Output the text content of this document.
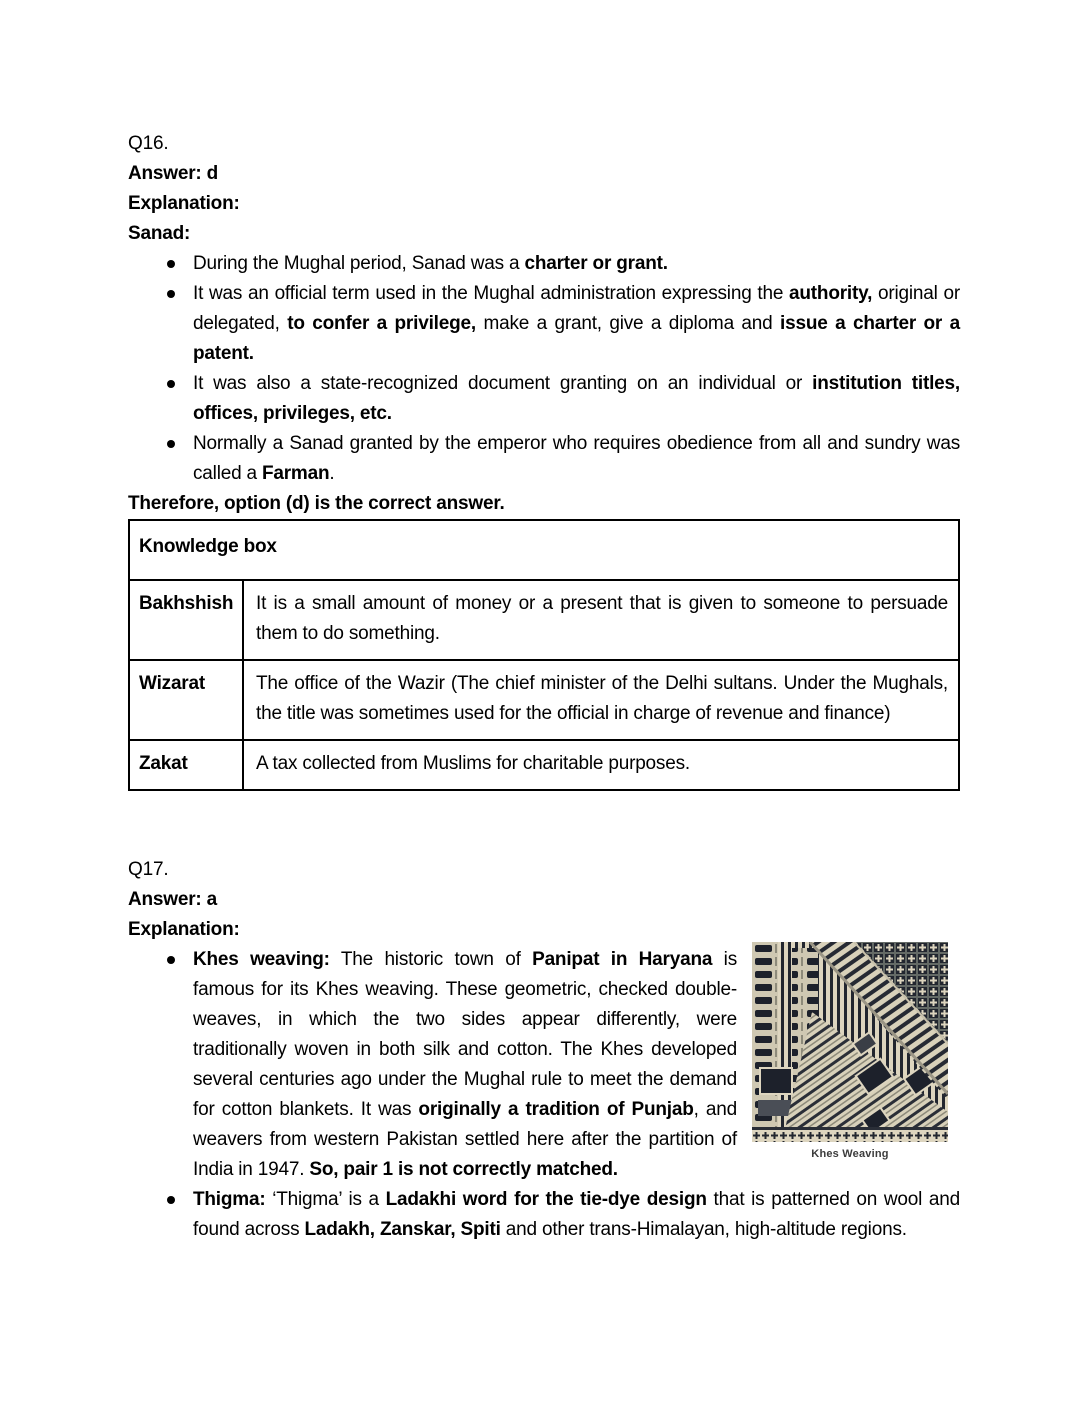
Q16.
Answer: d
Explanation:
Sanad:
During the Mughal period, Sanad was a charter or grant.
It was an official term used in the Mughal administration expressing the authority, original or delegated, to confer a privilege, make a grant, give a diploma and issue a charter or a patent.
It was also a state-recognized document granting on an individual or institution titles, offices, privileges, etc.
Normally a Sanad granted by the emperor who requires obedience from all and sundry was called a Farman.
Therefore, option (d) is the correct answer.
Knowledge box	
Bakhshish	It is a small amount of money or a present that is given to someone to persuade them to do something.
Wizarat	The office of the Wazir (The chief minister of the Delhi sultans. Under the Mughals, the title was sometimes used for the official in charge of revenue and finance)
Zakat	A tax collected from Muslims for charitable purposes.
Q17.
Answer: a
Explanation:
Khes Weaving
Khes weaving: The historic town of Panipat in Haryana is famous for its Khes weaving. These geometric, checked double-weaves, in which the two sides appear differently, were traditionally woven in both silk and cotton. The Khes developed several centuries ago under the Mughal rule to meet the demand for cotton blankets. It was originally a tradition of Punjab, and weavers from western Pakistan settled here after the partition of India in 1947. So, pair 1 is not correctly matched.
Thigma: ‘Thigma’ is a Ladakhi word for the tie-dye design that is patterned on wool and found across Ladakh, Zanskar, Spiti and other trans-Himalayan, high-altitude regions.
